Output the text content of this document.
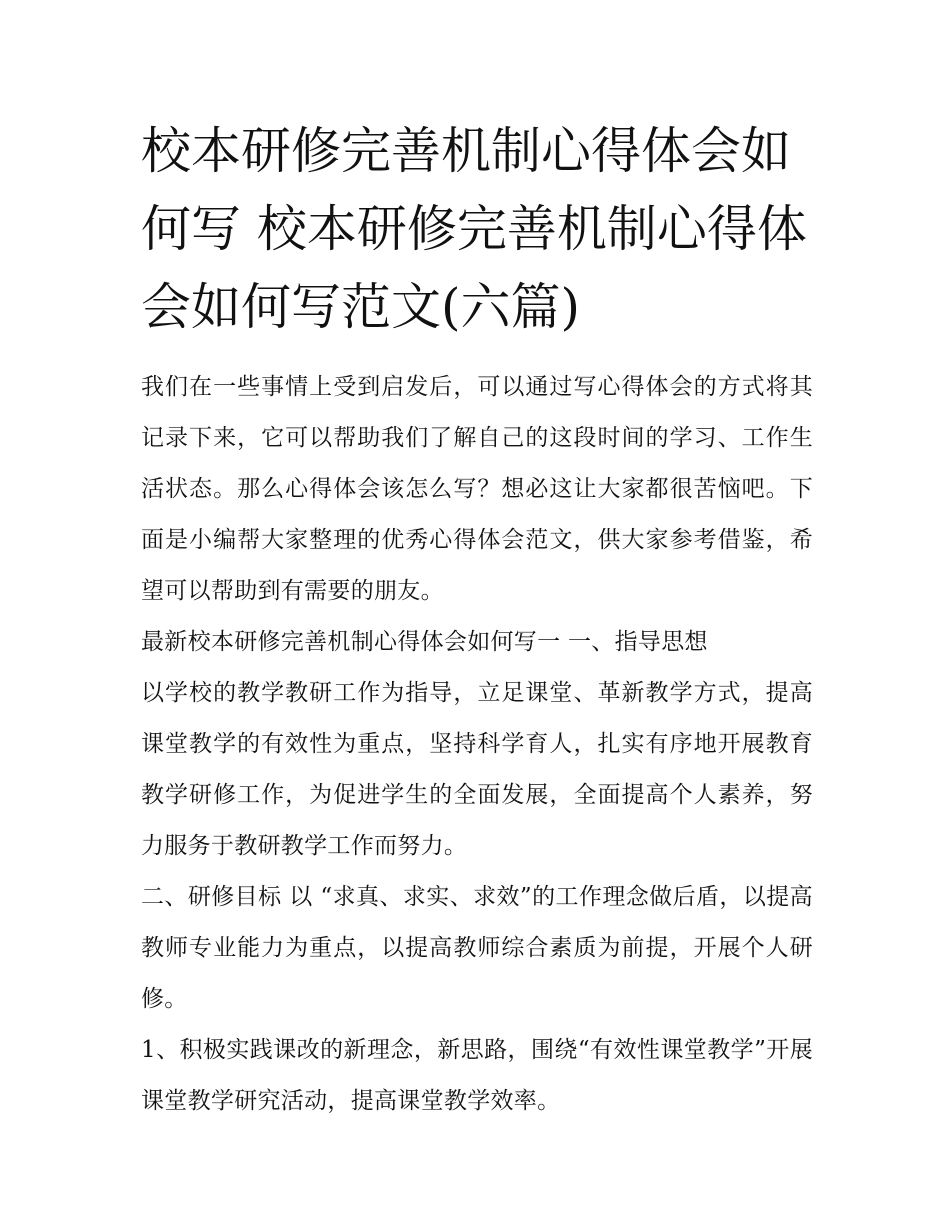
校本研修完善机制心得体会如何写 校本研修完善机制心得体会如何写范文(六篇)

我们在一些事情上受到启发后，可以通过写心得体会的方式将其记录下来，它可以帮助我们了解自己的这段时间的学习、工作生活状态。那么心得体会该怎么写？想必这让大家都很苦恼吧。下面是小编帮大家整理的优秀心得体会范文，供大家参考借鉴，希望可以帮助到有需要的朋友。

最新校本研修完善机制心得体会如何写一 一、指导思想

以学校的教学教研工作为指导，立足课堂、革新教学方式，提高课堂教学的有效性为重点，坚持科学育人，扎实有序地开展教育教学研修工作，为促进学生的全面发展，全面提高个人素养，努力服务于教研教学工作而努力。

二、研修目标 以 “求真、求实、求效”的工作理念做后盾，以提高教师专业能力为重点，以提高教师综合素质为前提，开展个人研修。

1、积极实践课改的新理念，新思路，围绕“有效性课堂教学”开展课堂教学研究活动，提高课堂教学效率。
